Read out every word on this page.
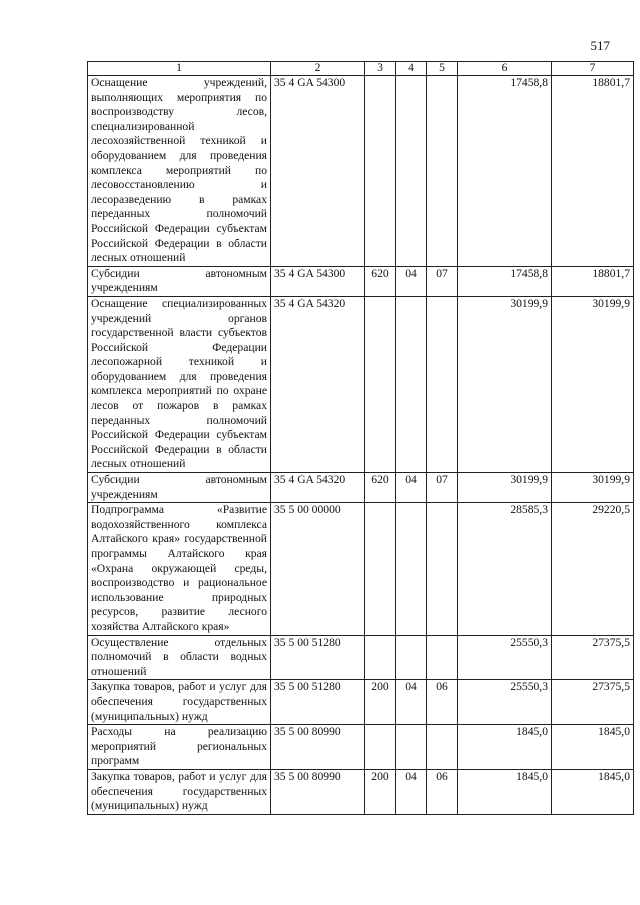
517
1	2	3	4	5	6	7
Оснащение учреждений, выполняющих мероприятия по воспроизводству лесов, специализированной лесохозяйственной техникой и оборудованием для проведения комплекса мероприятий по лесовосстановлению и лесоразведению в рамках переданных полномочий Российской Федерации субъектам Российской Федерации в области лесных отношений	35 4 GA 54300				17458,8	18801,7
Субсидии автономным учреждениям	35 4 GA 54300	620	04	07	17458,8	18801,7
Оснащение специализированных учреждений органов государственной власти субъектов Российской Федерации лесопожарной техникой и оборудованием для проведения комплекса мероприятий по охране лесов от пожаров в рамках переданных полномочий Российской Федерации субъектам Российской Федерации в области лесных отношений	35 4 GA 54320				30199,9	30199,9
Субсидии автономным учреждениям	35 4 GA 54320	620	04	07	30199,9	30199,9
Подпрограмма «Развитие водохозяйственного комплекса Алтайского края» государственной программы Алтайского края «Охрана окружающей среды, воспроизводство и рациональное использование природных ресурсов, развитие лесного хозяйства Алтайского края»	35 5 00 00000				28585,3	29220,5
Осуществление отдельных полномочий в области водных отношений	35 5 00 51280				25550,3	27375,5
Закупка товаров, работ и услуг для обеспечения государственных (муниципальных) нужд	35 5 00 51280	200	04	06	25550,3	27375,5
Расходы на реализацию мероприятий региональных программ	35 5 00 80990				1845,0	1845,0
Закупка товаров, работ и услуг для обеспечения государственных (муниципальных) нужд	35 5 00 80990	200	04	06	1845,0	1845,0
